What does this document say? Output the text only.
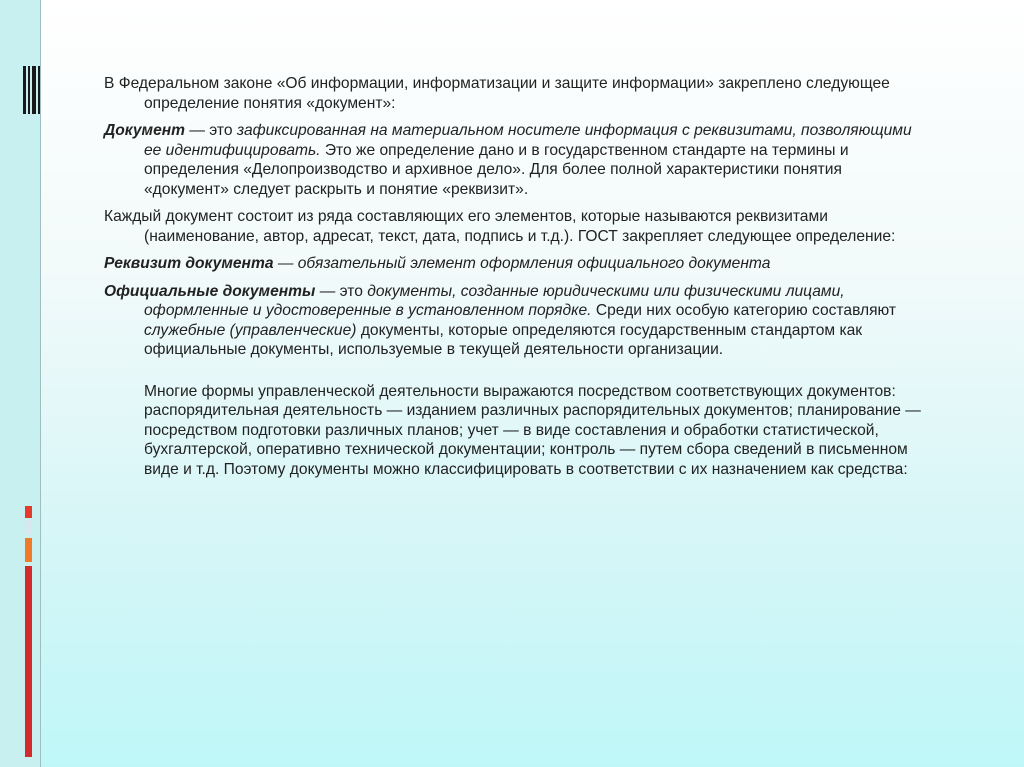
В Федеральном законе «Об информации, информатизации и защите информации» закреплено следующее определение понятия «документ»:

Документ — это зафиксированная на материальном носителе информация с реквизитами, позволяющими ее идентифицировать. Это же определение дано и в государственном стандарте на термины и определения «Делопроизводство и архивное дело». Для более полной характеристики понятия «документ» следует раскрыть и понятие «реквизит».

Каждый документ состоит из ряда составляющих его элементов, которые называются реквизитами (наименование, автор, адресат, текст, дата, подпись и т.д.). ГОСТ закрепляет следующее определение:

Реквизит документа — обязательный элемент оформления официального документа

Официальные документы — это документы, созданные юридическими или физическими лицами, оформленные и удостоверенные в установленном порядке. Среди них особую категорию составляют служебные (управленческие) документы, которые определяются государственным стандартом как официальные документы, используемые в текущей деятельности организации.

Многие формы управленческой деятельности выражаются посредством соответствующих документов: распорядительная деятельность — изданием различных распорядительных документов; планирование — посредством подготовки различных планов; учет — в виде составления и обработки статистической, бухгалтерской, оперативно технической документации; контроль — путем сбора сведений в письменном виде и т.д. Поэтому документы можно классифицировать в соответствии с их назначением как средства:
